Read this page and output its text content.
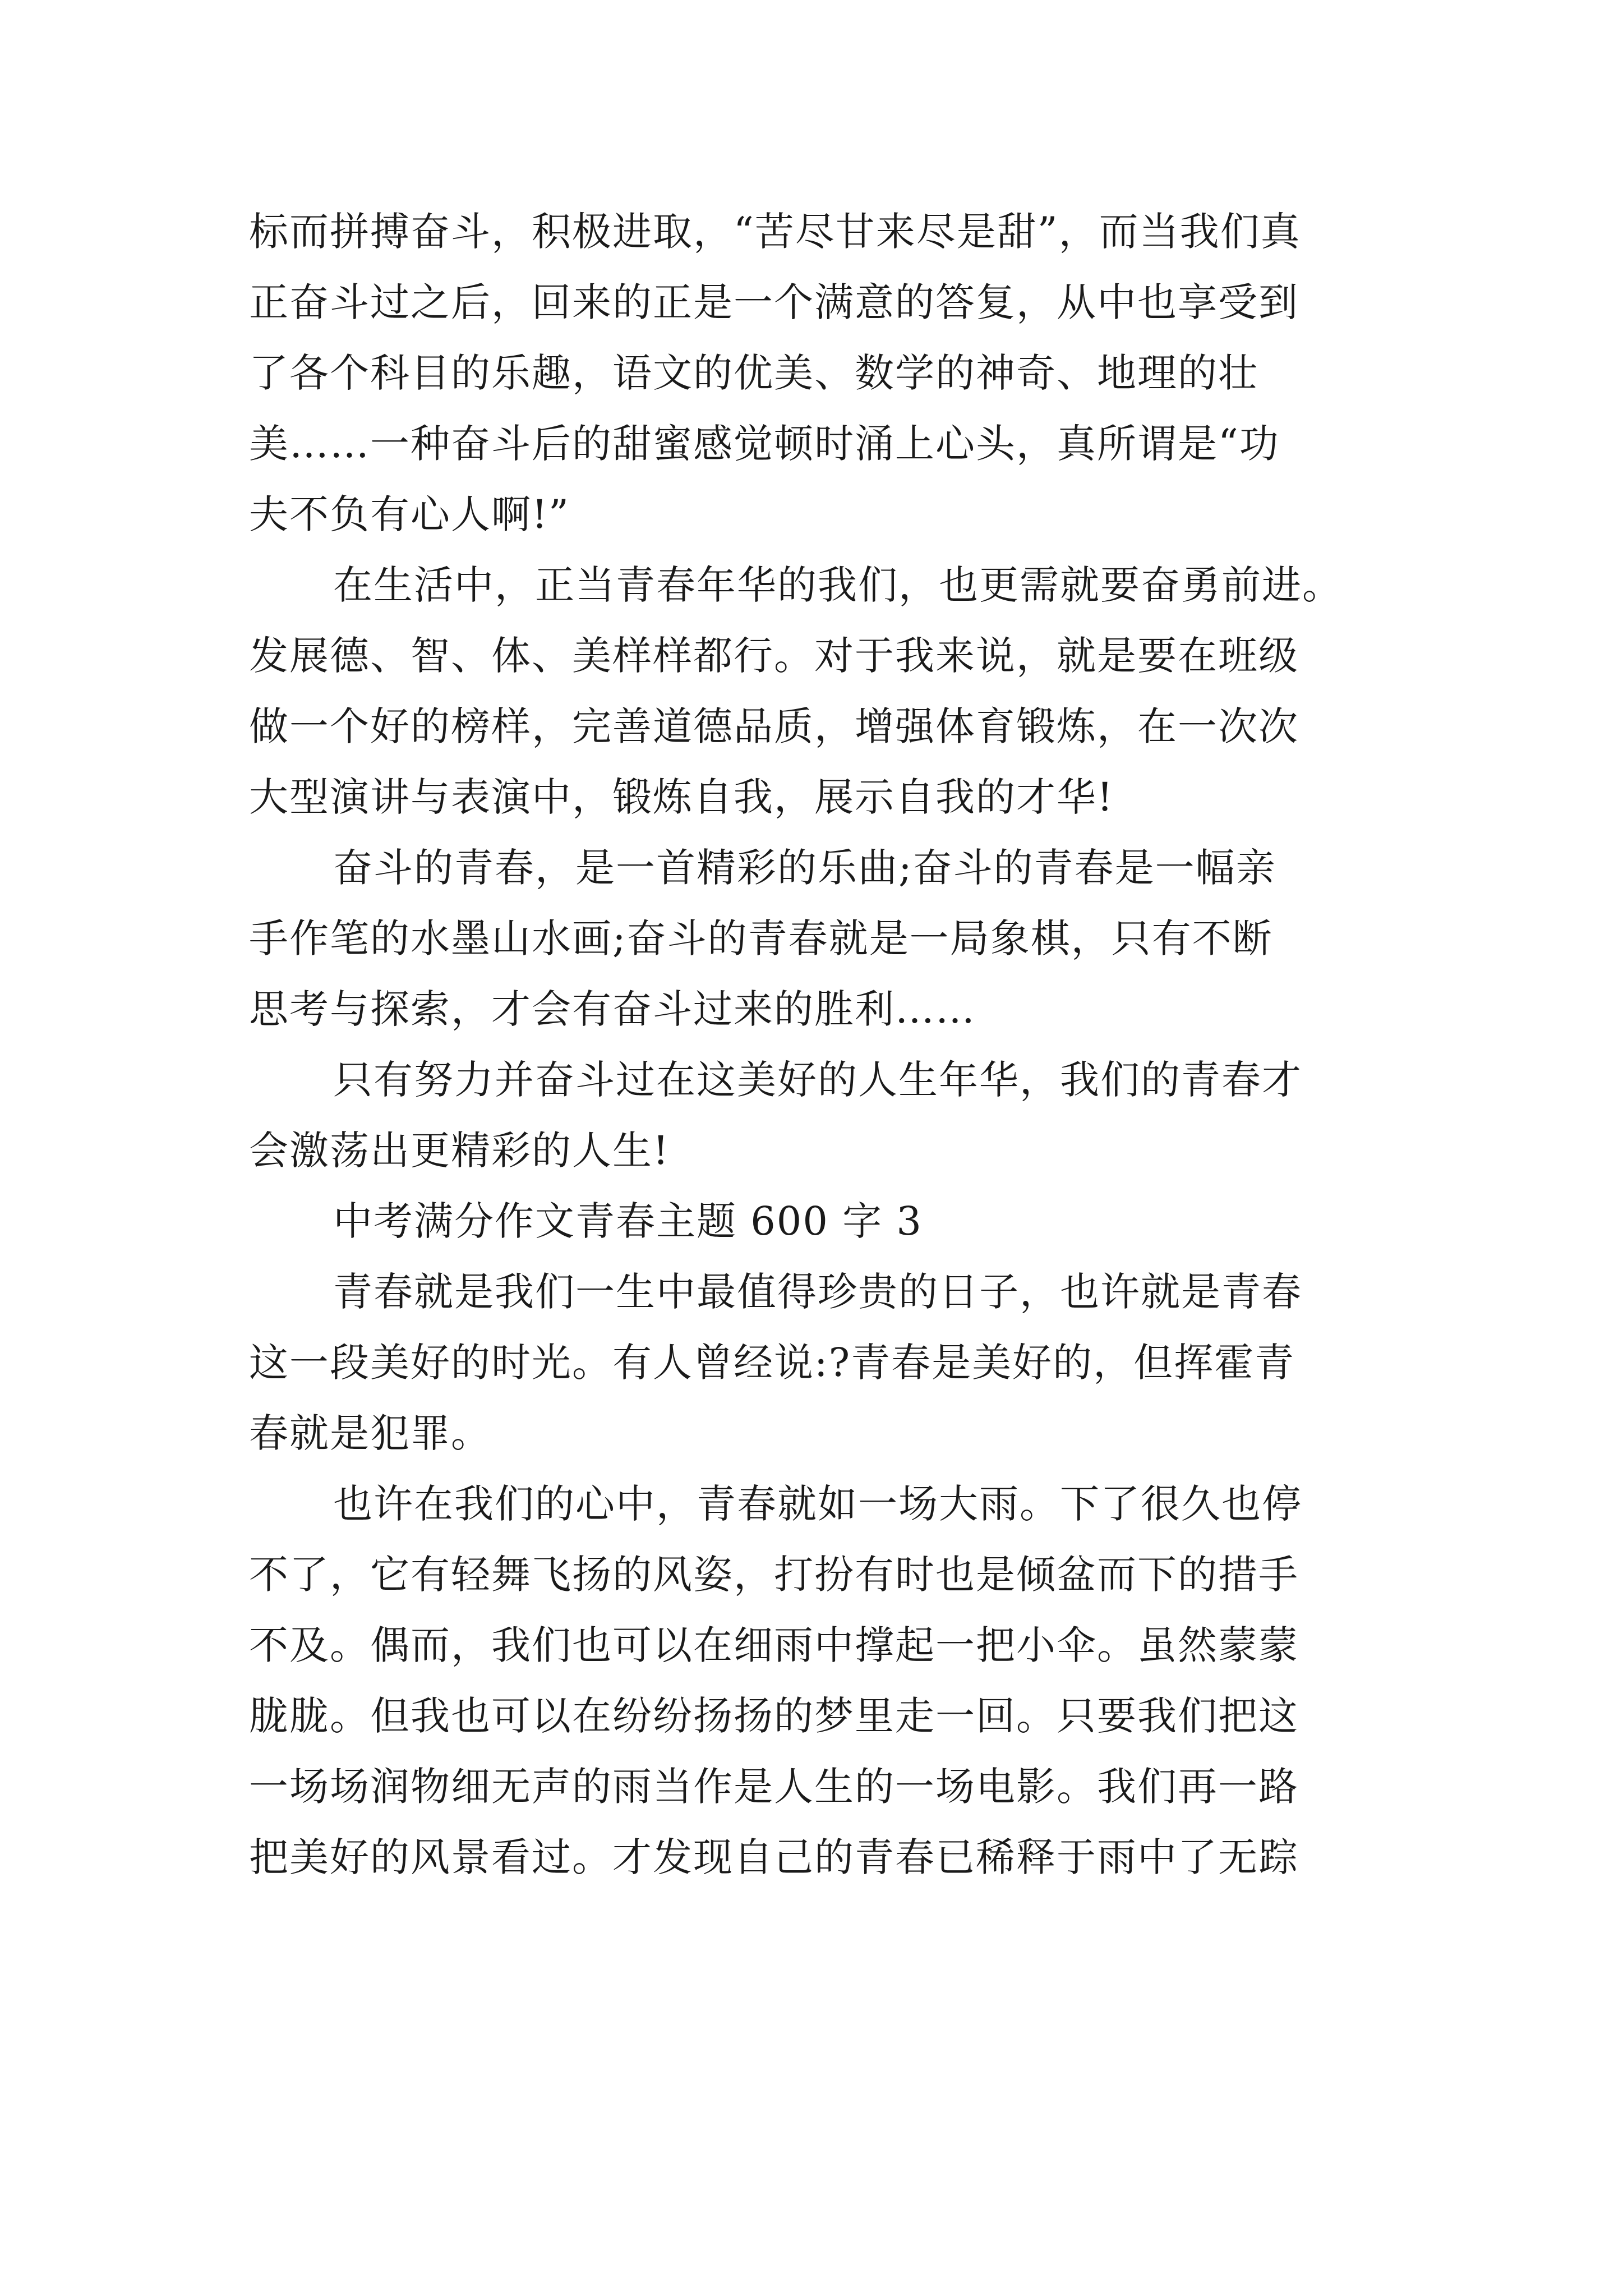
标而拼搏奋斗，积极进取，“苦尽甘来尽是甜”，而当我们真
正奋斗过之后，回来的正是一个满意的答复，从中也享受到
了各个科目的乐趣，语文的优美、数学的神奇、地理的壮
美……一种奋斗后的甜蜜感觉顿时涌上心头，真所谓是“功
夫不负有心人啊!”
在生活中，正当青春年华的我们，也更需就要奋勇前进。
发展德、智、体、美样样都行。对于我来说，就是要在班级
做一个好的榜样，完善道德品质，增强体育锻炼，在一次次
大型演讲与表演中，锻炼自我，展示自我的才华!
奋斗的青春，是一首精彩的乐曲;奋斗的青春是一幅亲
手作笔的水墨山水画;奋斗的青春就是一局象棋，只有不断
思考与探索，才会有奋斗过来的胜利……
只有努力并奋斗过在这美好的人生年华，我们的青春才
会激荡出更精彩的人生!
中考满分作文青春主题 600 字 3
青春就是我们一生中最值得珍贵的日子，也许就是青春
这一段美好的时光。有人曾经说:?青春是美好的，但挥霍青
春就是犯罪。
也许在我们的心中，青春就如一场大雨。下了很久也停
不了，它有轻舞飞扬的风姿，打扮有时也是倾盆而下的措手
不及。偶而，我们也可以在细雨中撑起一把小伞。虽然蒙蒙
胧胧。但我也可以在纷纷扬扬的梦里走一回。只要我们把这
一场场润物细无声的雨当作是人生的一场电影。我们再一路
把美好的风景看过。才发现自己的青春已稀释于雨中了无踪
